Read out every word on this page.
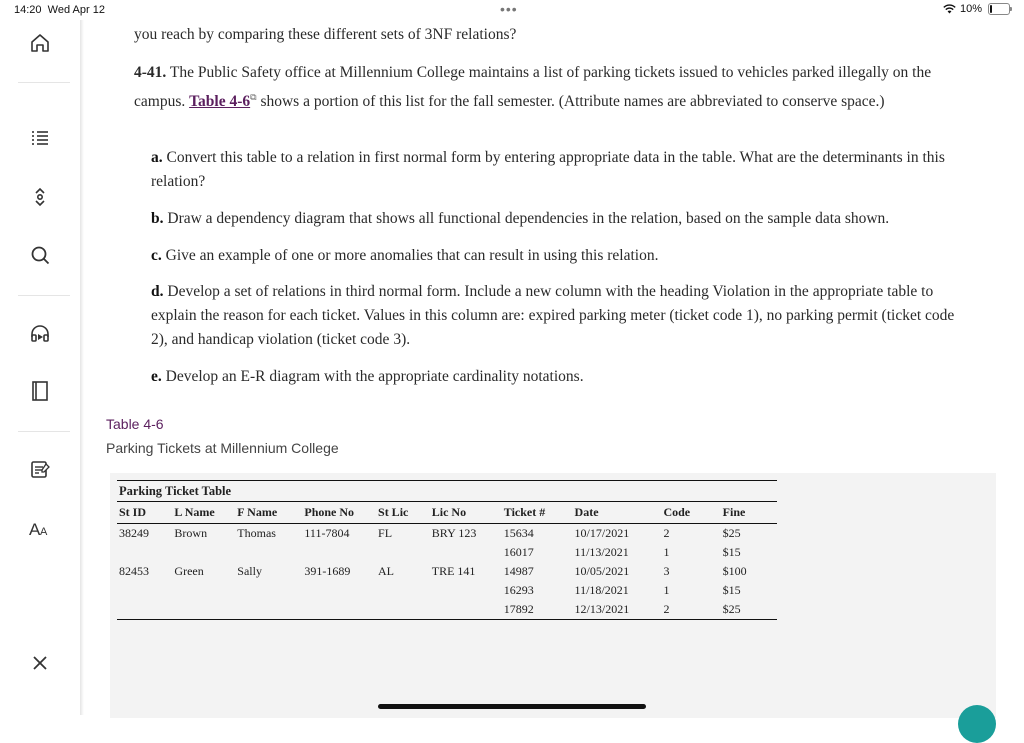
14:20 Wed Apr 12	•••	10%
A A
you reach by comparing these different sets of 3NF relations?
4-41. The Public Safety office at Millennium College maintains a list of parking tickets issued to vehicles parked illegally on the campus. Table 4-6⧉ shows a portion of this list for the fall semester. (Attribute names are abbreviated to conserve space.)
a. Convert this table to a relation in first normal form by entering appropriate data in the table. What are the determinants in this relation?
b. Draw a dependency diagram that shows all functional dependencies in the relation, based on the sample data shown.
c. Give an example of one or more anomalies that can result in using this relation.
d. Develop a set of relations in third normal form. Include a new column with the heading Violation in the appropriate table to explain the reason for each ticket. Values in this column are: expired parking meter (ticket code 1), no parking permit (ticket code 2), and handicap violation (ticket code 3).
e. Develop an E-R diagram with the appropriate cardinality notations.
Table 4-6
Parking Tickets at Millennium College
Parking Ticket Table
St ID	L Name	F Name	Phone No	St Lic	Lic No	Ticket #	Date	Code	Fine
38249	Brown	Thomas	111-7804	FL	BRY 123	15634	10/17/2021	2	$25
						16017	11/13/2021	1	$15
82453	Green	Sally	391-1689	AL	TRE 141	14987	10/05/2021	3	$100
						16293	11/18/2021	1	$15
						17892	12/13/2021	2	$25
